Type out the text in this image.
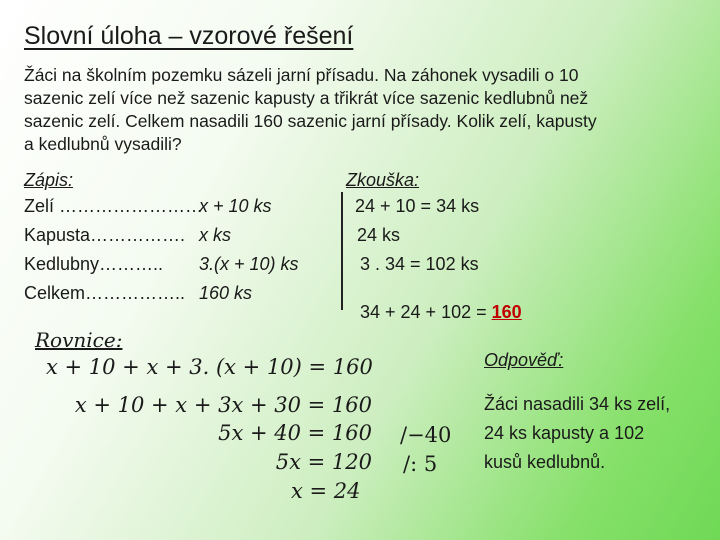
Slovní úloha – vzorové řešení
Žáci na školním pozemku sázeli jarní přísadu. Na záhonek vysadili o 10
sazenic zelí více než sazenic kapusty a třikrát více sazenic kedlubnů než
sazenic zelí. Celkem nasadili 160 sazenic jarní přísady. Kolik zelí, kapusty
a kedlubnů vysadili?
Zápis:
Zelí ……………………
x + 10 ks
Kapusta……………. x ks
Kedlubny……….. 3.(x + 10) ks
Celkem…………….. 160 ks
Zkouška:
24 + 10 = 34 ks
24 ks
3 . 34 = 102 ks
34 + 24 + 102 = 160
Rovnice:
x + 10 + x + 3. (x + 10) = 160
x + 10 + x + 3x + 30 = 160
5x + 40 = 160 /−40
5x = 120 /: 5
x = 24
Odpověď:
Žáci nasadili 34 ks zelí,
24 ks kapusty a 102
kusů kedlubnů.
